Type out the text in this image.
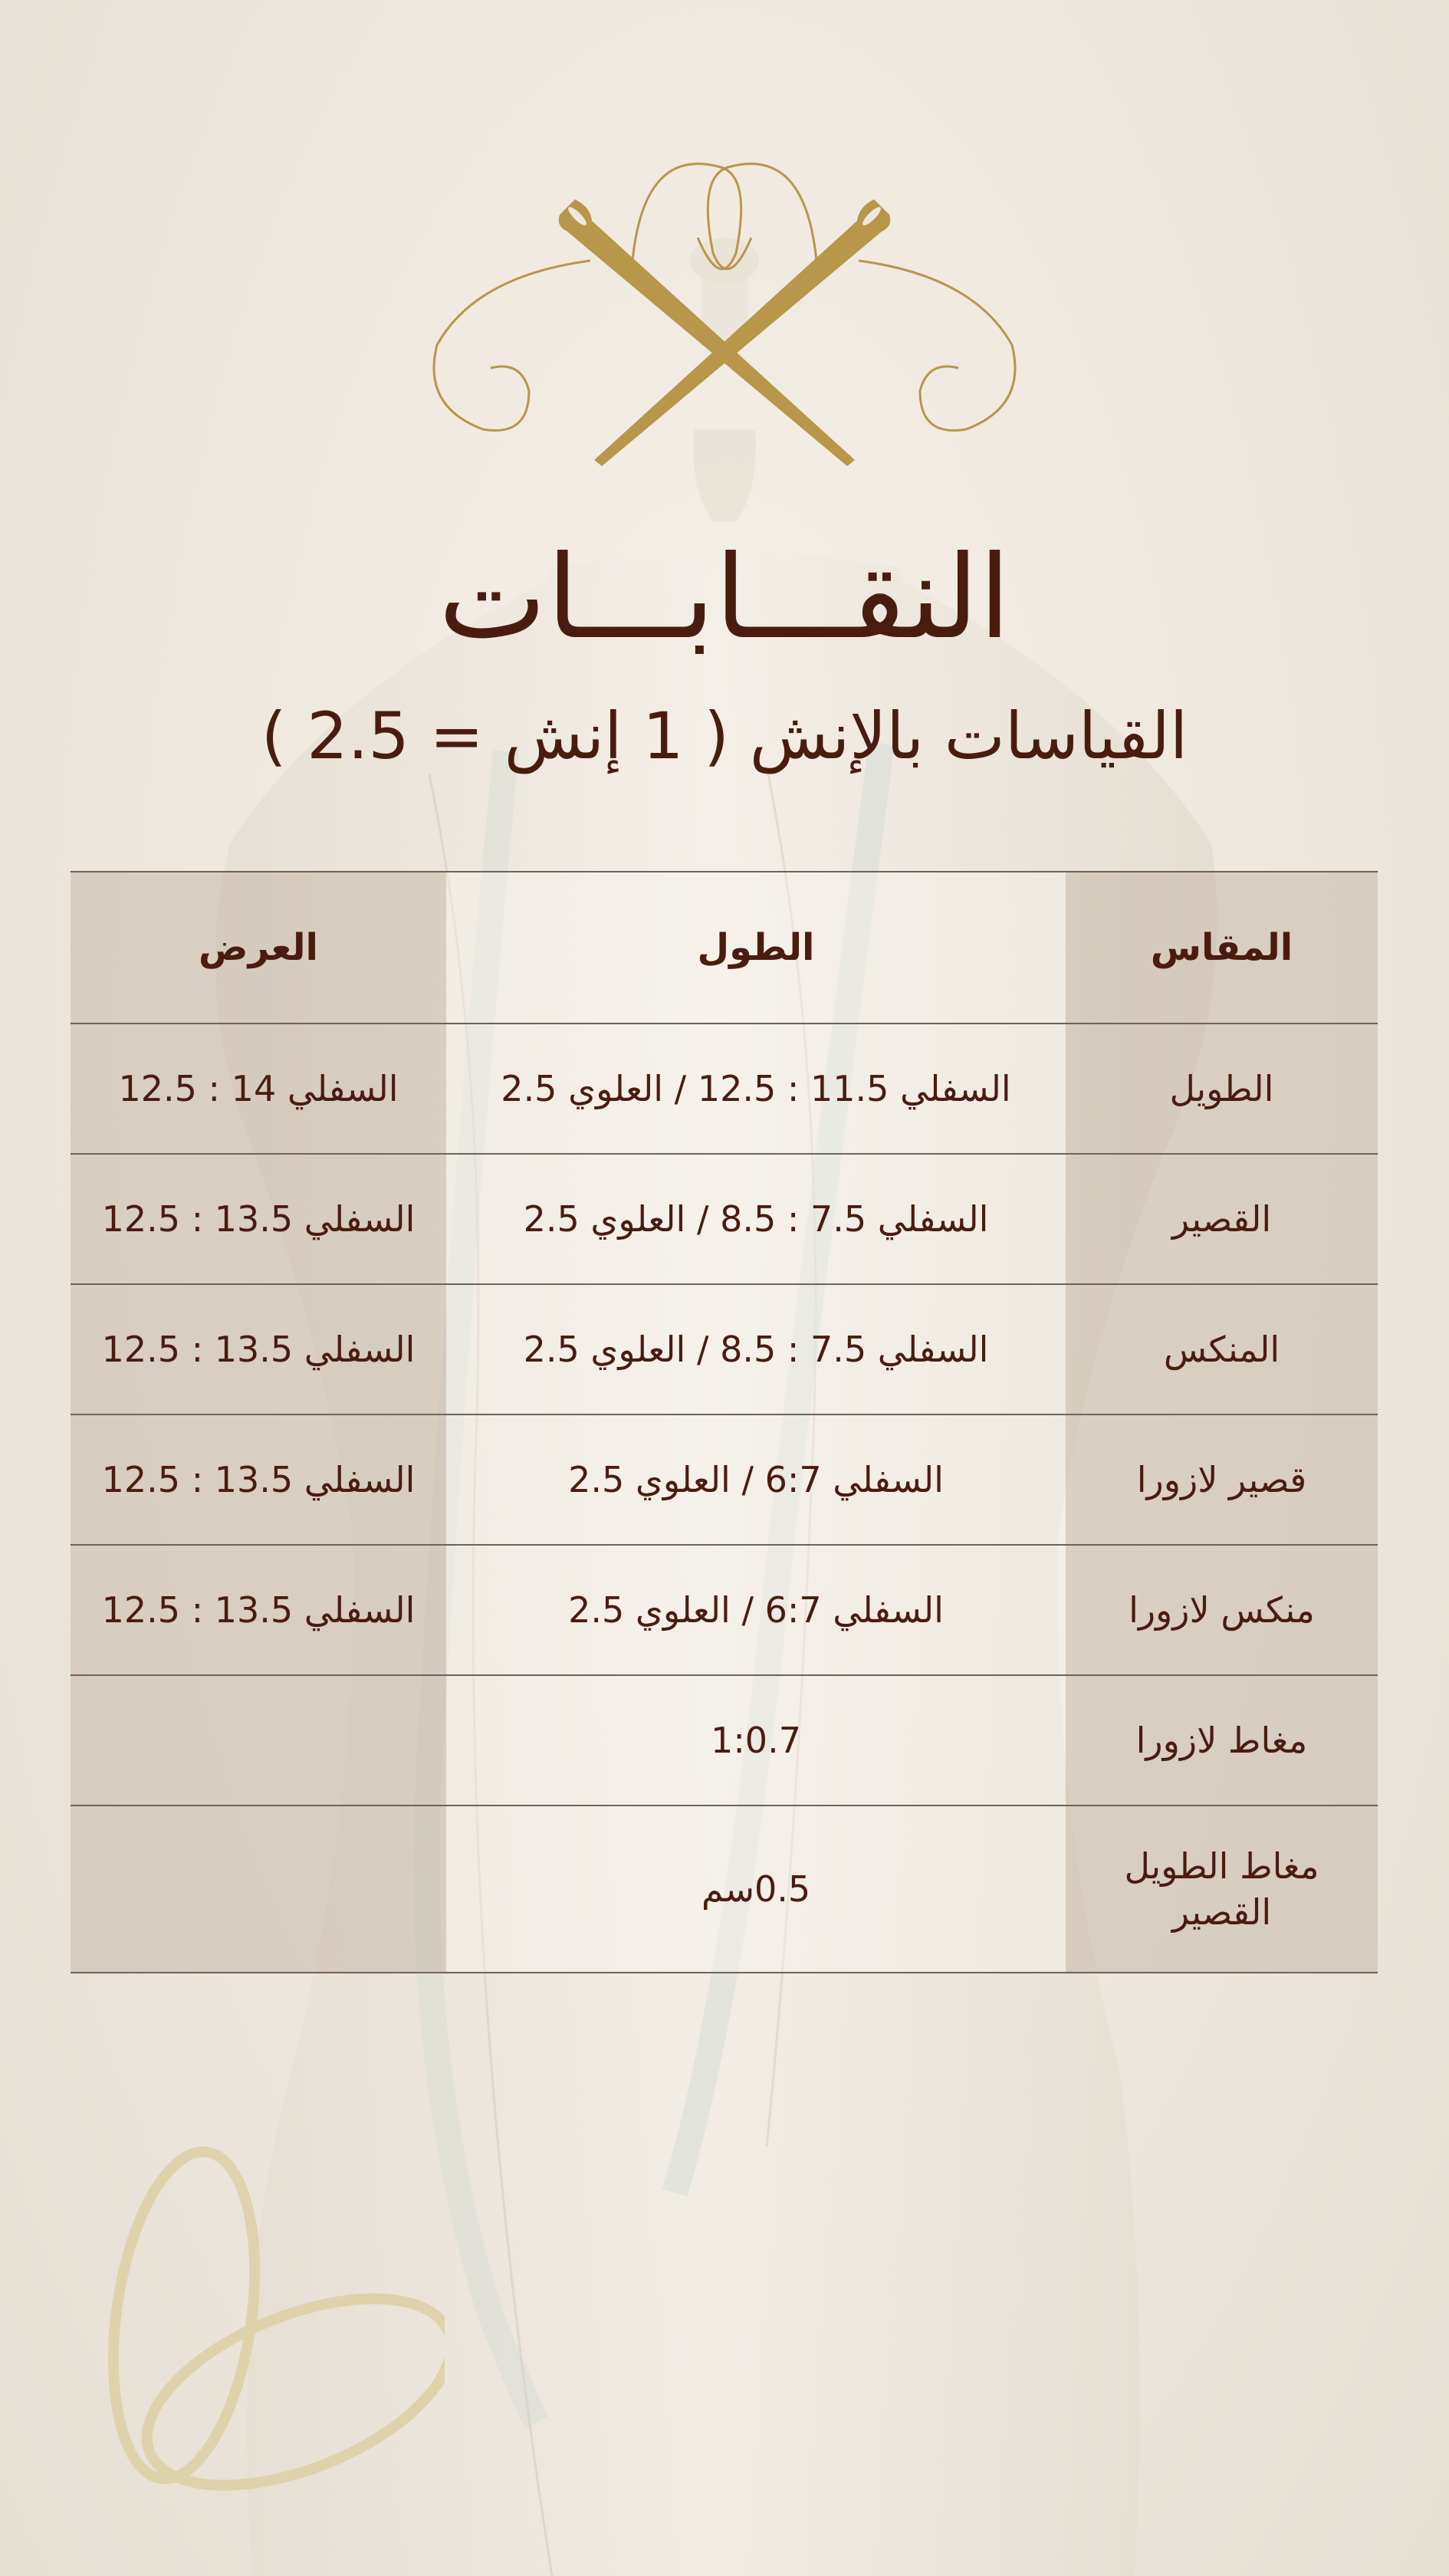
النقـــابـــات
القياسات بالإنش ( 1 إنش = 2.5 )
المقاس
الطول
العرض
الطويل
السفلي 11.5 : 12.5 / العلوي 2.5
السفلي 14 : 12.5
القصير
السفلي 7.5 : 8.5 / العلوي 2.5
السفلي 13.5 : 12.5
المنكس
السفلي 7.5 : 8.5 / العلوي 2.5
السفلي 13.5 : 12.5
قصير لازورا
السفلي 6:7 / العلوي 2.5
السفلي 13.5 : 12.5
منكس لازورا
السفلي 6:7 / العلوي 2.5
السفلي 13.5 : 12.5
مغاط لازورا
1:0.7
مغاط الطويل القصير
0.5سم
